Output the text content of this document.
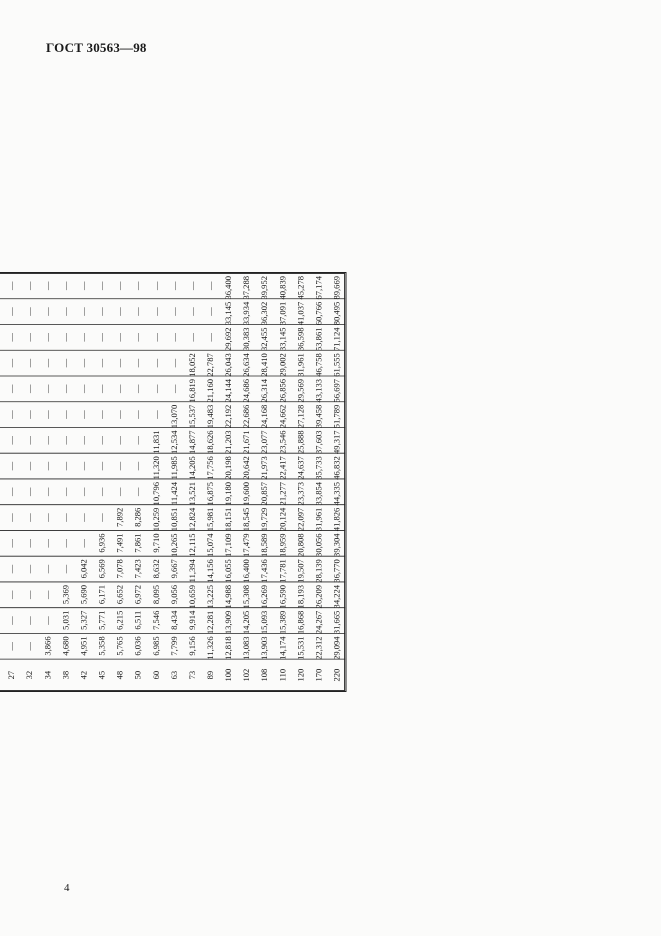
ГОСТ 30563—98
— — 3,866 4,680 4,951 5,358 5,765 6,036 6,985 7,799 9,156 11,326 12,818 13,083 13,903 14,174 15,531 22,312 29,094
— — — 5,031 5,327 5,771 6,215 6,511 7,546 8,434 9,914 12,281 13,909 14,205 15,093 15,389 16,868 24,267 31,665
— — — 5,369 5,690 6,171 6,652 6,972 8,095 9,056 10,659 13,225 14,988 15,308 16,269 16,590 18,193 26,209 34,224
— — — — 6,042 6,569 7,078 7,423 8,632 9,667 11,394 14,156 16,055 16,400 17,436 17,781 19,507 28,139 36,770
— — — — — 6,936 7,491 7,861 9,710 10,265 12,115 15,074 17,109 17,479 18,589 18,959 20,808 30,056 39,304
— — — — — — 7,892 8,286 10,259 10,851 12,824 15,981 18,151 18,545 19,729 20,124 22,097 31,961 41,826
— — — — — — — — 10,796 11,424 13,521 16,875 19,180 19,600 20,857 21,277 23,373 33,854 44,335
— — — — — — — — 11,320 11,985 14,205 17,756 20,198 20,642 21,973 22,417 24,637 35,733 46,832
— — — — — — — — 11,831 12,534 14,877 18,626 21,203 21,671 23,077 23,546 25,888 37,603 49,317
— — — — — — — — — 13,070 15,537 19,483 22,192 22,686 24,168 24,662 27,128 39,458 51,789
— — — — — — — — — — 16,819 21,160 24,144 24,686 26,314 26,856 29,569 43,133 56,697
— — — — — — — — — — 18,052 22,787 26,043 26,634 28,410 29,002 31,961 46,758 61,555
— — — — — — — — — — — — 29,692 30,383 32,455 33,145 36,598 53,861 71,124
— — — — — — — — — — — — 33,145 33,934 36,302 37,091 41,037 60,766 80,495
— — — — — — — — — — — — 36,400 37,288 39,952 40,839 45,278 67,174 89,669
27 32 34 38 42 45 48 50 60 63 73 89 100 102 108 110 120 170 220
4
